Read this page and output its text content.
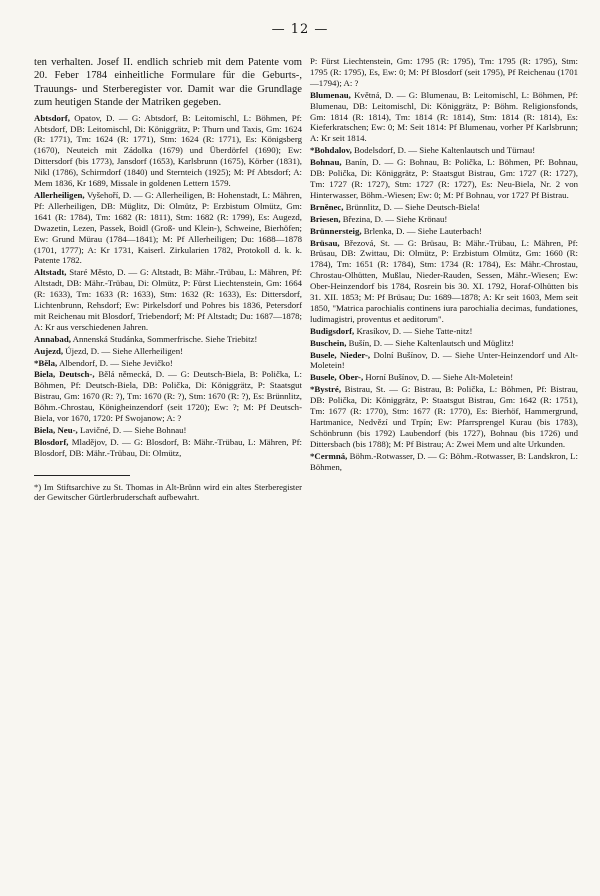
— 12 —

ten verhalten. Josef II. endlich schrieb mit dem Patente vom 20. Feber 1784 einheitliche Formulare für die Geburts-, Trauungs- und Sterberegister vor. Damit war die Grundlage zum heutigen Stande der Matriken gegeben.

Abtsdorf, Opatov, D. — G: Abtsdorf, B: Leitomischl, L: Böhmen, Pf: Abtsdorf, DB: Leitomischl, Di: Königgrätz, P: Thurn und Taxis, Gm: 1624 (R: 1771), Tm: 1624 (R: 1771), Stm: 1624 (R: 1771), Es: Königsberg (1670), Neuteich mit Zádolka (1679) und Überdörfel (1690); Ew: Dittersdorf (bis 1773), Jansdorf (1653), Karlsbrunn (1675), Körber (1831), Nikl (1786), Schirmdorf (1840) und Sternteich (1925); M: Pf Abtsdorf; A: Mem 1836, Kr 1689, Missale in goldenen Lettern 1579.

Allerheiligen, Vyšehoří, D. — G: Allerheiligen, B: Hohenstadt, L: Mähren, Pf: Allerheiligen, DB: Müglitz, Di: Olmütz, P: Erzbistum Olmütz, Gm: 1641 (R: 1784), Tm: 1682 (R: 1811), Stm: 1682 (R: 1799), Es: Augezd, Dwazetin, Lezen, Passek, Boidl (Groß- und Klein-), Schweine, Bierhöfen; Ew: Grund Mürau (1784—1841); M: Pf Allerheiligen; Du: 1688—1878 (1701, 1777); A: Kr 1731, Kaiserl. Zirkularien 1782, Protokoll d. k. k. Patente 1782.

Altstadt, Staré Město, D. — G: Altstadt, B: Mähr.-Trübau, L: Mähren, Pf: Altstadt, DB: Mähr.-Trübau, Di: Olmütz, P: Fürst Liechtenstein, Gm: 1664 (R: 1633), Tm: 1633 (R: 1633), Stm: 1632 (R: 1633), Es: Dittersdorf, Lichtenbrunn, Rehsdorf; Ew: Pirkelsdorf und Pohres bis 1836, Petersdorf mit Reichenau mit Blosdorf, Triebendorf; M: Pf Altstadt; Du: 1687—1878; A: Kr aus verschiedenen Jahren.

Annabad, Annenská Studánka, Sommerfrische. Siehe Triebitz!

Aujezd, Újezd, D. — Siehe Allerheiligen!

*Běla, Albendorf, D. — Siehe Jevičko!

Biela, Deutsch-, Bělá německá, D. — G: Deutsch-Biela, B: Polička, L: Böhmen, Pf: Deutsch-Biela, DB: Polička, Di: Königgrätz, P: Staatsgut Bistrau, Gm: 1670 (R: ?), Tm: 1670 (R: ?), Stm: 1670 (R: ?), Es: Brünnlitz, Böhm.-Chrostau, Königheinzendorf (seit 1720); Ew: ?; M: Pf Deutsch-Biela, vor 1670, 1720: Pf Swojanow; A: ?

Biela, Neu-, Lavičné, D. — Siehe Bohnau!

Blosdorf, Mladějov, D. — G: Blosdorf, B: Mähr.-Trübau, L: Mähren, Pf: Blosdorf, DB: Mähr.-Trübau, Di: Olmütz,

*) Im Stiftsarchive zu St. Thomas in Alt-Brünn wird ein altes Sterberegister der Gewitscher Gürtlerbruderschaft aufbewahrt.

P: Fürst Liechtenstein, Gm: 1795 (R: 1795), Tm: 1795 (R: 1795), Stm: 1795 (R: 1795), Es, Ew: 0; M: Pf Blosdorf (seit 1795), Pf Reichenau (1701—1794); A: ?

Blumenau, Květná, D. — G: Blumenau, B: Leitomischl, L: Böhmen, Pf: Blumenau, DB: Leitomischl, Di: Königgrätz, P: Böhm. Religionsfonds, Gm: 1814 (R: 1814), Tm: 1814 (R: 1814), Stm: 1814 (R: 1814), Es: Kieferkratschen; Ew: 0; M: Seit 1814: Pf Blumenau, vorher Pf Karlsbrunn; A: Kr seit 1814.

*Bohdalov, Bodelsdorf, D. — Siehe Kaltenlautsch und Türnau!

Bohnau, Banín, D. — G: Bohnau, B: Polička, L: Böhmen, Pf: Bohnau, DB: Polička, Di: Königgrätz, P: Staatsgut Bistrau, Gm: 1727 (R: 1727), Tm: 1727 (R: 1727), Stm: 1727 (R: 1727), Es: Neu-Biela, Nr. 2 von Hinterwasser, Böhm.-Wiesen; Ew: 0; M: Pf Bohnau, vor 1727 Pf Bistrau.

Brněnec, Brünnlitz, D. — Siehe Deutsch-Biela!

Briesen, Březina, D. — Siehe Krönau!

Brünnersteig, Brlenka, D. — Siehe Lauterbach!

Brüsau, Březová, St. — G: Brüsau, B: Mähr.-Trübau, L: Mähren, Pf: Brüsau, DB: Zwittau, Di: Olmütz, P: Erzbistum Olmütz, Gm: 1660 (R: 1784), Tm: 1651 (R: 1784), Stm: 1734 (R: 1784), Es: Mähr.-Chrostau, Chrostau-Olhütten, Mußlau, Nieder-Rauden, Sessen, Mähr.-Wiesen; Ew: Ober-Heinzendorf bis 1784, Rosrein bis 30. XI. 1792, Horaf-Olhütten bis 31. XII. 1853; M: Pf Brüsau; Du: 1689—1878; A: Kr seit 1603, Mem seit 1850, "Matrica parochialis continens iura parochialia decimas, fundationes, ludimagistri, proventus et aeditorum".

Budigsdorf, Krasíkov, D. — Siehe Tatte-nitz!

Buschein, Bušín, D. — Siehe Kaltenlautsch und Müglitz!

Busele, Nieder-, Dolní Bušínov, D. — Siehe Unter-Heinzendorf und Alt-Moletein!

Busele, Ober-, Horní Bušínov, D. — Siehe Alt-Moletein!

*Bystré, Bistrau, St. — G: Bistrau, B: Polička, L: Böhmen, Pf: Bistrau, DB: Polička, Di: Königgrätz, P: Staatsgut Bistrau, Gm: 1642 (R: 1751), Tm: 1677 (R: 1770), Stm: 1677 (R: 1770), Es: Bierhöf, Hammergrund, Hartmanice, Nedvězí und Trpín; Ew: Pfarrsprengel Kurau (bis 1783), Schönbrunn (bis 1792) Laubendorf (bis 1727), Bohnau (bis 1726) und Dittersbach (bis 1788); M: Pf Bistrau; A: Zwei Mem und alte Urkunden.

*Cermná, Böhm.-Rotwasser, D. — G: Böhm.-Rotwasser, B: Landskron, L: Böhmen,
